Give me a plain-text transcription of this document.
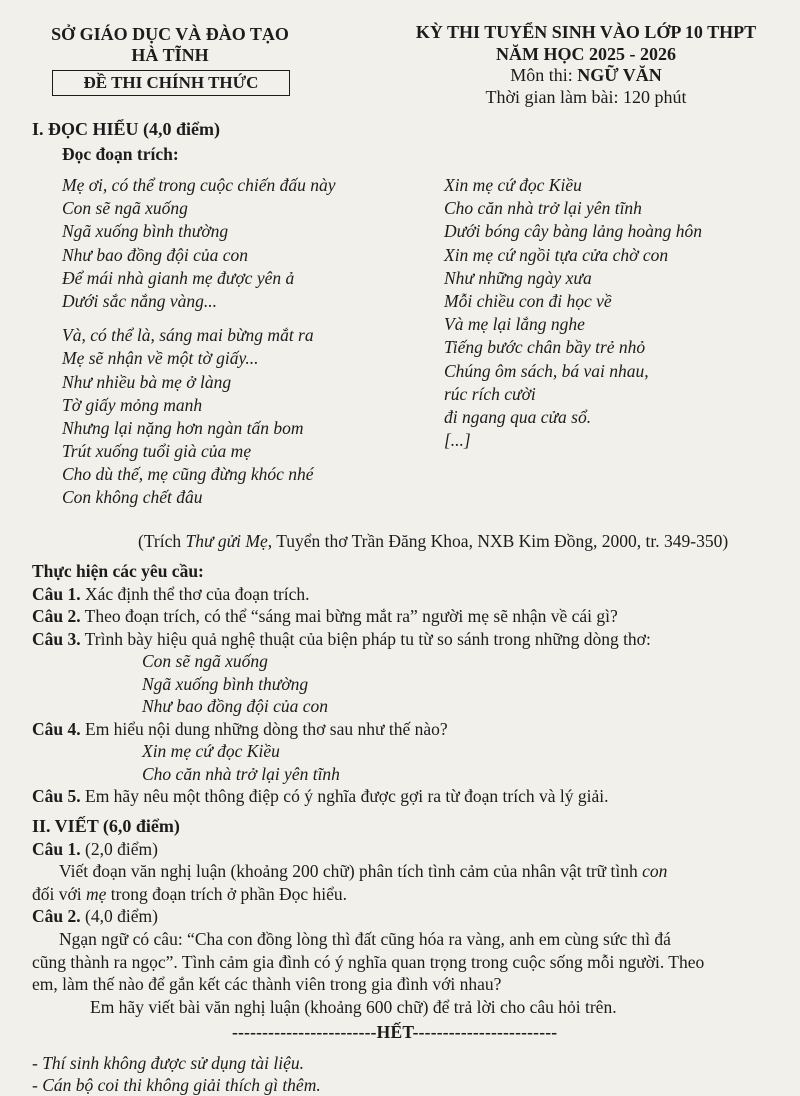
SỞ GIÁO DỤC VÀ ĐÀO TẠO
HÀ TĨNH
ĐỀ THI CHÍNH THỨC
KỲ THI TUYỂN SINH VÀO LỚP 10 THPT
NĂM HỌC 2025 - 2026
Môn thi: NGỮ VĂN
Thời gian làm bài: 120 phút
I. ĐỌC HIỂU (4,0 điểm)
Đọc đoạn trích:
Mẹ ơi, có thể trong cuộc chiến đấu này
Con sẽ ngã xuống
Ngã xuống bình thường
Như bao đồng đội của con
Để mái nhà gianh mẹ được yên ả
Dưới sắc nắng vàng...
Và, có thể là, sáng mai bừng mắt ra
Mẹ sẽ nhận về một tờ giấy...
Như nhiều bà mẹ ở làng
Tờ giấy mỏng manh
Nhưng lại nặng hơn ngàn tấn bom
Trút xuống tuổi già của mẹ
Cho dù thế, mẹ cũng đừng khóc nhé
Con không chết đâu
Xin mẹ cứ đọc Kiều
Cho căn nhà trở lại yên tĩnh
Dưới bóng cây bàng lảng hoàng hôn
Xin mẹ cứ ngồi tựa cửa chờ con
Như những ngày xưa
Mỗi chiều con đi học về
Và mẹ lại lắng nghe
Tiếng bước chân bầy trẻ nhỏ
Chúng ôm sách, bá vai nhau,
rúc rích cười
đi ngang qua cửa sổ.
[...]
(Trích Thư gửi Mẹ, Tuyển thơ Trần Đăng Khoa, NXB Kim Đồng, 2000, tr. 349-350)
Thực hiện các yêu cầu:
Câu 1. Xác định thể thơ của đoạn trích.
Câu 2. Theo đoạn trích, có thể “sáng mai bừng mắt ra” người mẹ sẽ nhận về cái gì?
Câu 3. Trình bày hiệu quả nghệ thuật của biện pháp tu từ so sánh trong những dòng thơ:
Con sẽ ngã xuống
Ngã xuống bình thường
Như bao đồng đội của con
Câu 4. Em hiểu nội dung những dòng thơ sau như thế nào?
Xin mẹ cứ đọc Kiều
Cho căn nhà trở lại yên tĩnh
Câu 5. Em hãy nêu một thông điệp có ý nghĩa được gợi ra từ đoạn trích và lý giải.
II. VIẾT (6,0 điểm)
Câu 1. (2,0 điểm)
Viết đoạn văn nghị luận (khoảng 200 chữ) phân tích tình cảm của nhân vật trữ tình con
đối với mẹ trong đoạn trích ở phần Đọc hiểu.
Câu 2. (4,0 điểm)
Ngạn ngữ có câu: “Cha con đồng lòng thì đất cũng hóa ra vàng, anh em cùng sức thì đá
cũng thành ra ngọc”. Tình cảm gia đình có ý nghĩa quan trọng trong cuộc sống mỗi người. Theo
em, làm thế nào để gắn kết các thành viên trong gia đình với nhau?
Em hãy viết bài văn nghị luận (khoảng 600 chữ) để trả lời cho câu hỏi trên.
------------------------HẾT------------------------
- Thí sinh không được sử dụng tài liệu.
- Cán bộ coi thi không giải thích gì thêm.
